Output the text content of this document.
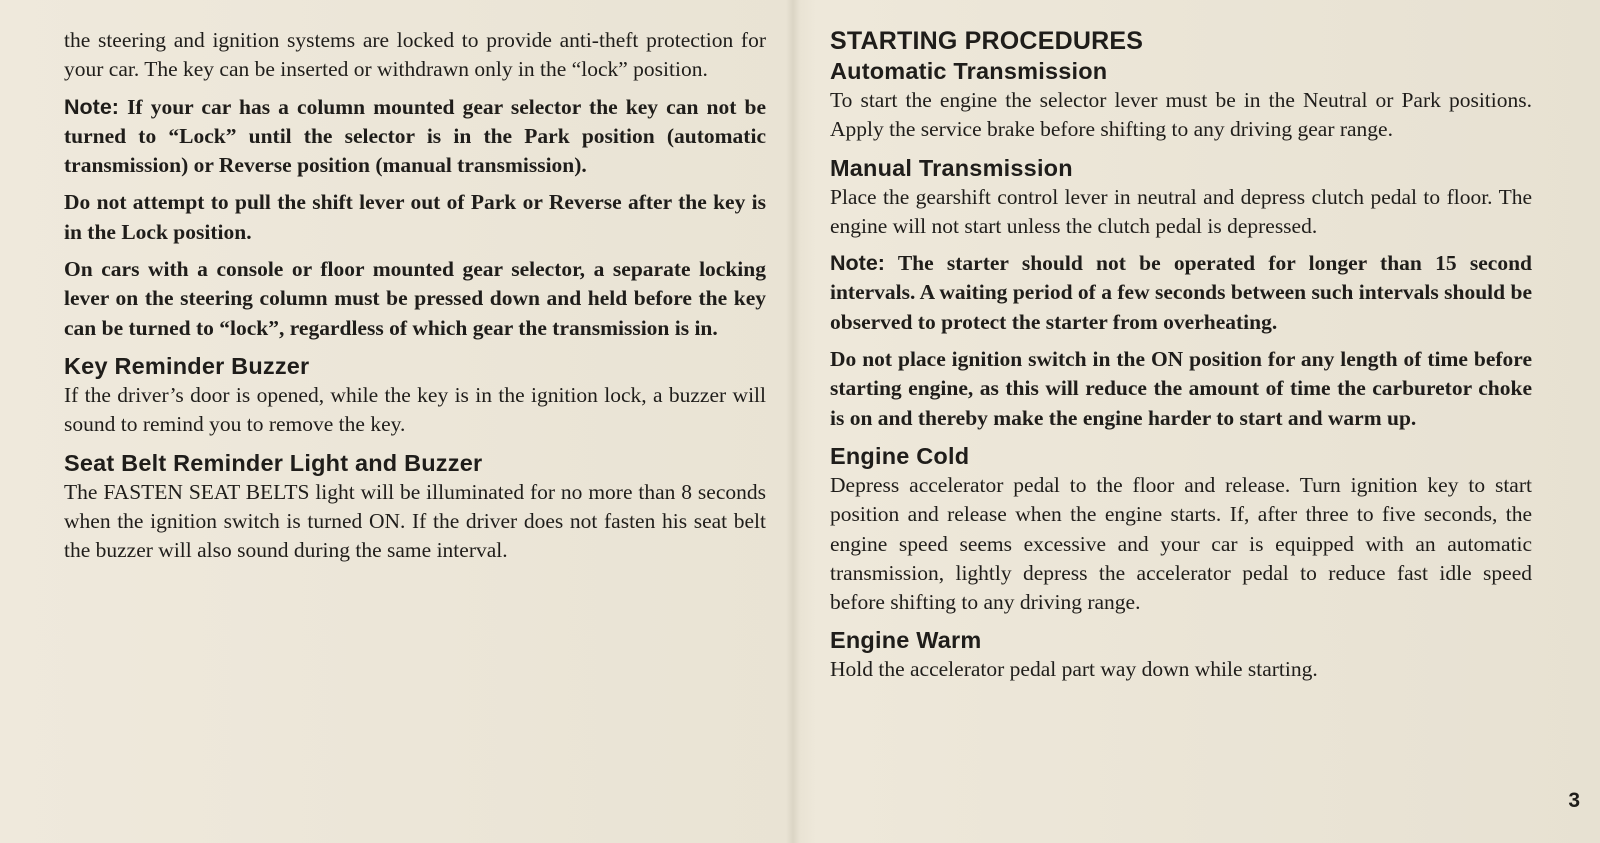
the steering and ignition systems are locked to provide anti-theft protection for your car. The key can be inserted or withdrawn only in the “lock” position.

Note: If your car has a column mounted gear selector the key can not be turned to “Lock” until the selector is in the Park position (automatic transmission) or Reverse position (manual transmission).

Do not attempt to pull the shift lever out of Park or Reverse after the key is in the Lock position.

On cars with a console or floor mounted gear selector, a separate locking lever on the steering column must be pressed down and held before the key can be turned to “lock”, regardless of which gear the transmission is in.

Key Reminder Buzzer

If the driver’s door is opened, while the key is in the ignition lock, a buzzer will sound to remind you to remove the key.

Seat Belt Reminder Light and Buzzer

The FASTEN SEAT BELTS light will be illuminated for no more than 8 seconds when the ignition switch is turned ON. If the driver does not fasten his seat belt the buzzer will also sound during the same interval.

STARTING PROCEDURES
Automatic Transmission

To start the engine the selector lever must be in the Neutral or Park positions. Apply the service brake before shifting to any driving gear range.

Manual Transmission

Place the gearshift control lever in neutral and depress clutch pedal to floor. The engine will not start unless the clutch pedal is depressed.

Note: The starter should not be operated for longer than 15 second intervals. A waiting period of a few seconds between such intervals should be observed to protect the starter from overheating.

Do not place ignition switch in the ON position for any length of time before starting engine, as this will reduce the amount of time the carburetor choke is on and thereby make the engine harder to start and warm up.

Engine Cold

Depress accelerator pedal to the floor and release. Turn ignition key to start position and release when the engine starts. If, after three to five seconds, the engine speed seems excessive and your car is equipped with an automatic transmission, lightly depress the accelerator pedal to reduce fast idle speed before shifting to any driving range.

Engine Warm

Hold the accelerator pedal part way down while starting.

3
